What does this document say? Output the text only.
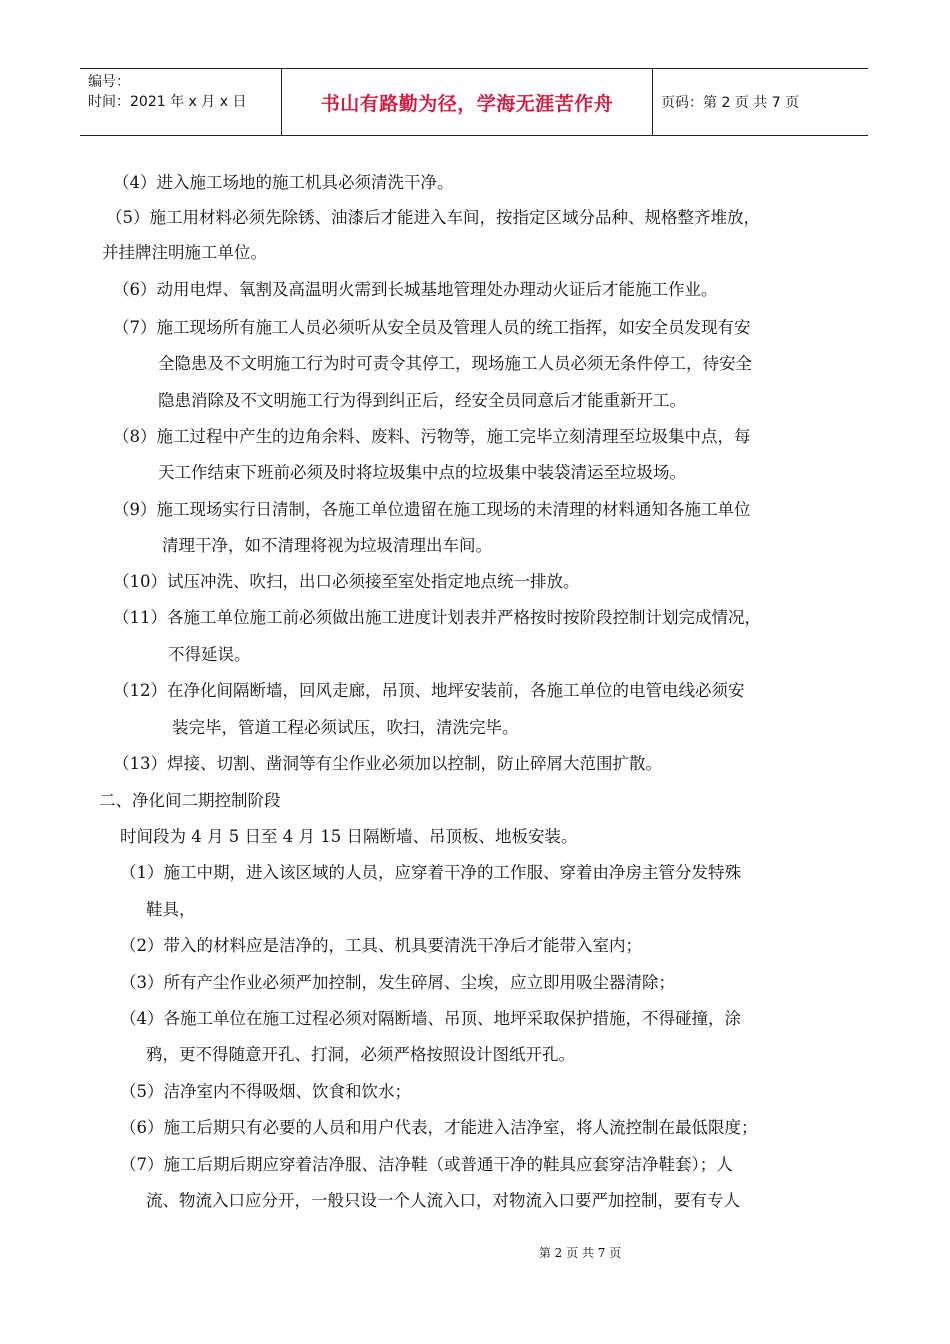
编号：
时间：2021 年 x 月 x 日	书山有路勤为径，学海无涯苦作舟	页码：第 2 页 共 7 页
（4）进入施工场地的施工机具必须清洗干净。
（5）施工用材料必须先除锈、油漆后才能进入车间，按指定区域分品种、规格整齐堆放，
并挂牌注明施工单位。
（6）动用电焊、氧割及高温明火需到长城基地管理处办理动火证后才能施工作业。
（7）施工现场所有施工人员必须听从安全员及管理人员的统工指挥，如安全员发现有安
全隐患及不文明施工行为时可责令其停工，现场施工人员必须无条件停工，待安全
隐患消除及不文明施工行为得到纠正后，经安全员同意后才能重新开工。
（8）施工过程中产生的边角余料、废料、污物等，施工完毕立刻清理至垃圾集中点，每
天工作结束下班前必须及时将垃圾集中点的垃圾集中装袋清运至垃圾场。
（9）施工现场实行日清制，各施工单位遗留在施工现场的未清理的材料通知各施工单位
清理干净，如不清理将视为垃圾清理出车间。
（10）试压冲洗、吹扫，出口必须接至室处指定地点统一排放。
（11）各施工单位施工前必须做出施工进度计划表并严格按时按阶段控制计划完成情况，
不得延误。
（12）在净化间隔断墙，回风走廊，吊顶、地坪安装前，各施工单位的电管电线必须安
装完毕，管道工程必须试压，吹扫，清洗完毕。
（13）焊接、切割、凿洞等有尘作业必须加以控制，防止碎屑大范围扩散。
二、净化间二期控制阶段
时间段为 4 月 5 日至 4 月 15 日隔断墙、吊顶板、地板安装。
（1）施工中期，进入该区域的人员，应穿着干净的工作服、穿着由净房主管分发特殊
鞋具，
（2）带入的材料应是洁净的，工具、机具要清洗干净后才能带入室内；
（3）所有产尘作业必须严加控制，发生碎屑、尘埃，应立即用吸尘器清除；
（4）各施工单位在施工过程必须对隔断墙、吊顶、地坪采取保护措施，不得碰撞，涂
鸦，更不得随意开孔、打洞，必须严格按照设计图纸开孔。
（5）洁净室内不得吸烟、饮食和饮水；
（6）施工后期只有必要的人员和用户代表，才能进入洁净室，将人流控制在最低限度；
（7）施工后期后期应穿着洁净服、洁净鞋（或普通干净的鞋具应套穿洁净鞋套）；人
流、物流入口应分开，一般只设一个人流入口，对物流入口要严加控制，要有专人
第 2 页 共 7 页
